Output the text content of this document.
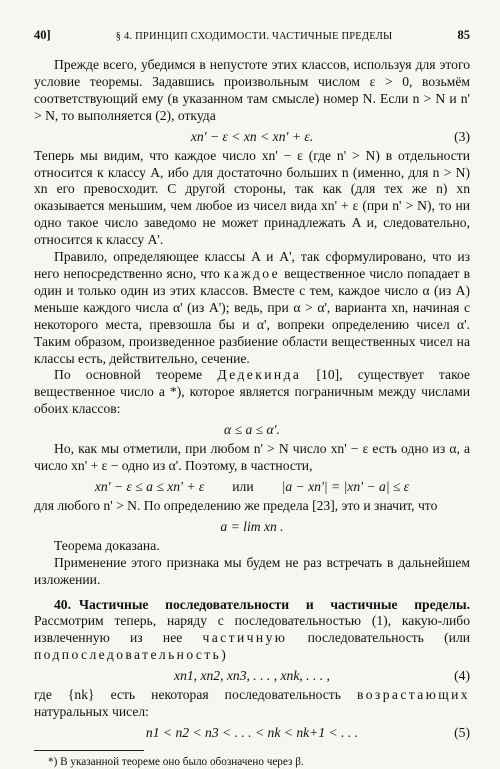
40]	§ 4. ПРИНЦИП СХОДИМОСТИ. ЧАСТИЧНЫЕ ПРЕДЕЛЫ	85

Прежде всего, убедимся в непустоте этих классов, используя для этого условие теоремы. Задавшись произвольным числом ε > 0, возьмём соответствующий ему (в указанном там смысле) номер N. Если n > N и n' > N, то выполняется (2), откуда

xn' − ε < xn < xn' + ε.	(3)

Теперь мы видим, что каждое число xn' − ε (где n' > N) в отдельности относится к классу A, ибо для достаточно больших n (именно, для n > N) xn его превосходит. С другой стороны, так как (для тех же n) xn оказывается меньшим, чем любое из чисел вида xn' + ε (при n' > N), то ни одно такое число заведомо не может принадлежать A и, следовательно, относится к классу A'.

Правило, определяющее классы A и A', так сформулировано, что из него непосредственно ясно, что каждое вещественное число попадает в один и только один из этих классов. Вместе с тем, каждое число α (из A) меньше каждого числа α' (из A'); ведь, при α > α', варианта xn, начиная с некоторого места, превзошла бы и α', вопреки определению чисел α'. Таким образом, произведенное разбиение области вещественных чисел на классы есть, действительно, сечение.

По основной теореме Дедекинда [10], существует такое вещественное число a *), которое является пограничным между числами обоих классов:

α ≤ a ≤ α'.

Но, как мы отметили, при любом n' > N число xn' − ε есть одно из α, а число xn' + ε − одно из α'. Поэтому, в частности,

xn' − ε ≤ a ≤ xn' + ε или |a − xn'| = |xn' − a| ≤ ε

для любого n' > N. По определению же предела [23], это и значит, что

a = lim xn .

Теорема доказана.

Применение этого признака мы будем не раз встречать в дальнейшем изложении.

40. Частичные последовательности и частичные пределы. Рассмотрим теперь, наряду с последовательностью (1), какую-либо извлеченную из нее частичную последовательность (или подпоследовательность)

xn1, xn2, xn3, . . . , xnk, . . . ,	(4)

где {nk} есть некоторая последовательность возрастающих натуральных чисел:

n1 < n2 < n3 < . . . < nk < nk+1 < . . .	(5)

*) В указанной теореме оно было обозначено через β.
